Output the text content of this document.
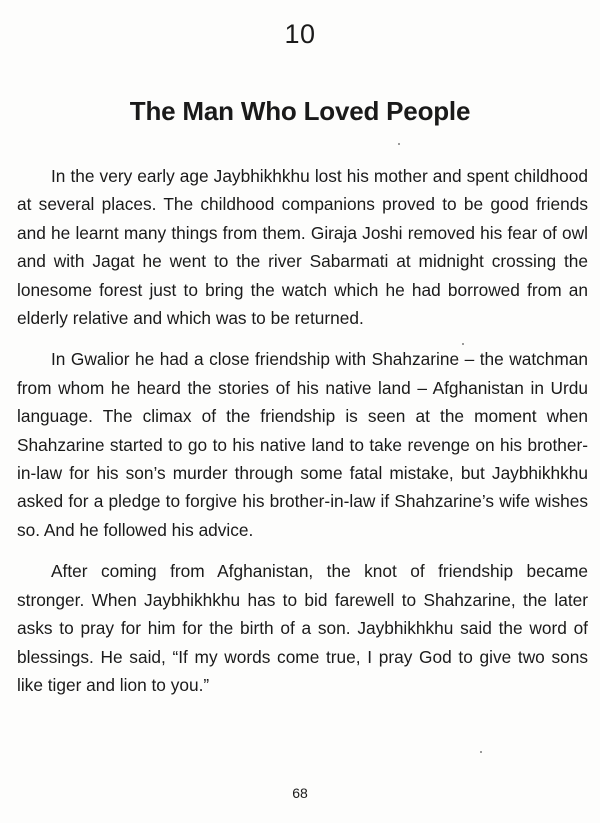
10
The Man Who Loved People

In the very early age Jaybhikhkhu lost his mother and spent childhood at several places. The childhood companions proved to be good friends and he learnt many things from them. Giraja Joshi removed his fear of owl and with Jagat he went to the river Sabarmati at midnight crossing the lonesome forest just to bring the watch which he had borrowed from an elderly relative and which was to be returned.

In Gwalior he had a close friendship with Shahzarine – the watchman from whom he heard the stories of his native land – Afghanistan in Urdu language. The climax of the friendship is seen at the moment when Shahzarine started to go to his native land to take revenge on his brother-in-law for his son’s murder through some fatal mistake, but Jaybhikhkhu asked for a pledge to forgive his brother-in-law if Shahzarine’s wife wishes so. And he followed his advice.

After coming from Afghanistan, the knot of friendship became stronger. When Jaybhikhkhu has to bid farewell to Shahzarine, the later asks to pray for him for the birth of a son. Jaybhikhkhu said the word of blessings. He said, “If my words come true, I pray God to give two sons like tiger and lion to you.”

68
